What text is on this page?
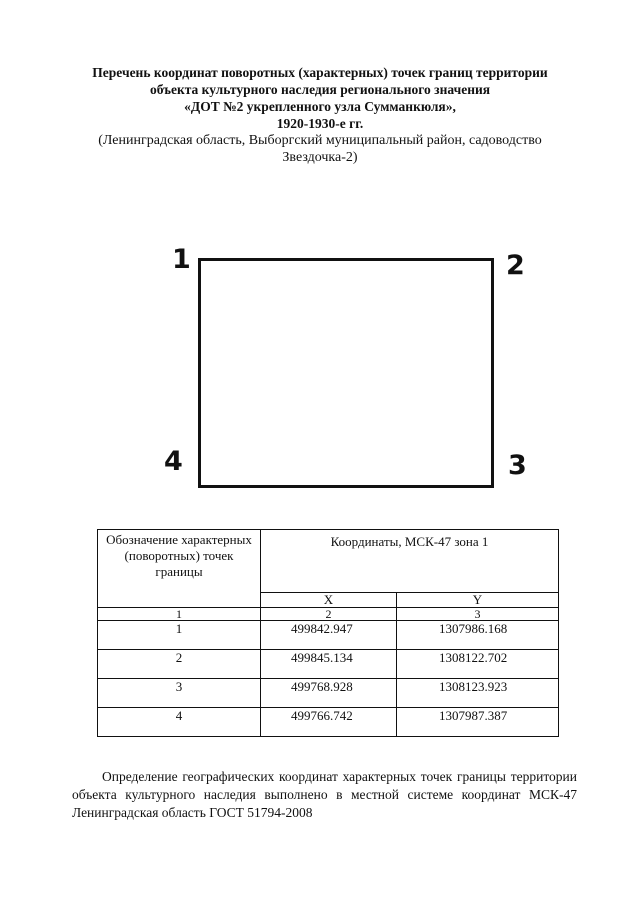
Перечень координат поворотных (характерных) точек границ территории
объекта культурного наследия регионального значения
«ДОТ №2 укрепленного узла Сумманкюля»,
1920-1930-е гг.
(Ленинградская область, Выборгский муниципальный район, садоводство
Звездочка-2)
1	2
3
4
Обозначение характерных (поворотных) точек границы	Координаты, МСК-47 зона 1	
	X	Y
1	2	3
1	499842.947	1307986.168
2	499845.134	1308122.702
3	499768.928	1308123.923
4	499766.742	1307987.387
Определение географических координат характерных точек границы территории объекта культурного наследия выполнено в местной системе координат МСК-47 Ленинградская область ГОСТ 51794-2008
